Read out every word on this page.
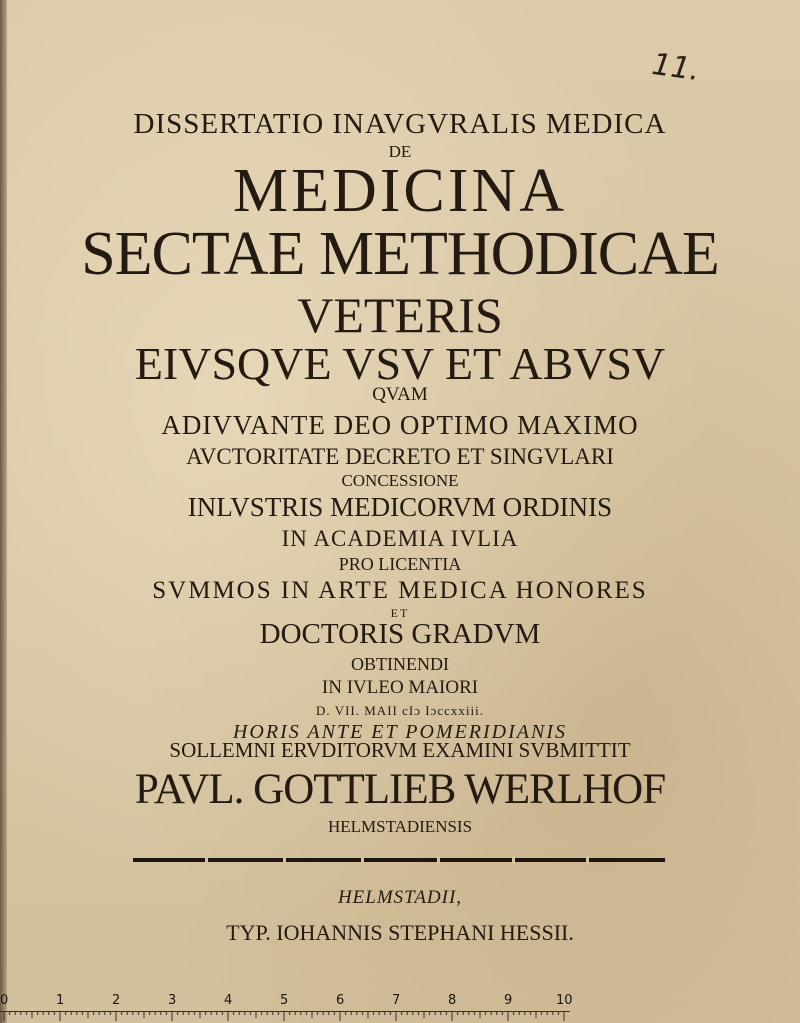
11.
DISSERTATIO INAVGVRALIS MEDICA
DE
MEDICINA
SECTAE METHODICAE
VETERIS
EIVSQVE VSV ET ABVSV
QVAM
ADIVVANTE DEO OPTIMO MAXIMO
AVCTORITATE DECRETO ET SINGVLARI
CONCESSIONE
INLVSTRIS MEDICORVM ORDINIS
IN ACADEMIA IVLIA
PRO LICENTIA
SVMMOS IN ARTE MEDICA HONORES
ET
DOCTORIS GRADVM
OBTINENDI
IN IVLEO MAIORI
D. VII. MAII cIɔ Iɔccxxiii.
HORIS ANTE ET POMERIDIANIS
SOLLEMNI ERVDITORVM EXAMINI SVBMITTIT
PAVL. GOTTLIEB WERLHOF
HELMSTADIENSIS
HELMSTADII,
TYP. IOHANNIS STEPHANI HESSII.
0	1	2	3	4	5	6	7	8	9	10
